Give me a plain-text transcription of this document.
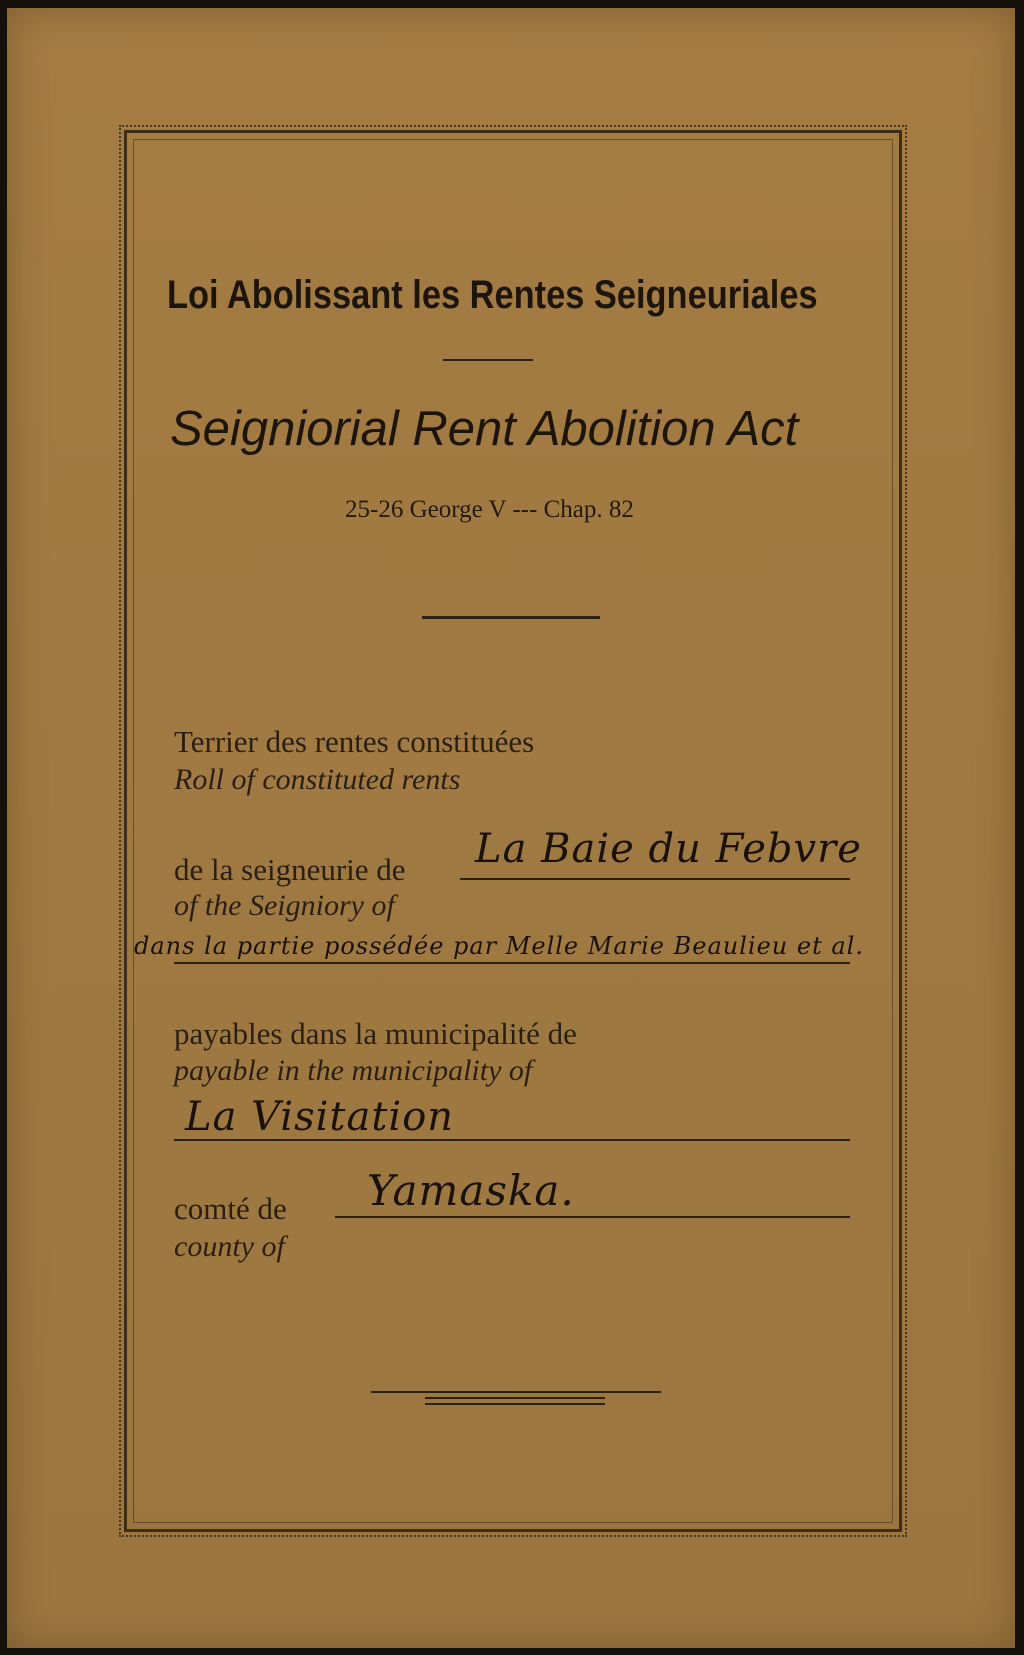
Loi Abolissant les Rentes Seigneuriales
Seigniorial Rent Abolition Act
25-26 George V --- Chap. 82
Terrier des rentes constituées
Roll of constituted rents
de la seigneurie de La Baie du Febvre
of the Seigniory of
dans la partie possédée par Melle Marie Beaulieu et al.
payables dans la municipalité de
payable in the municipality of
La Visitation
comté de Yamaska.
county of
